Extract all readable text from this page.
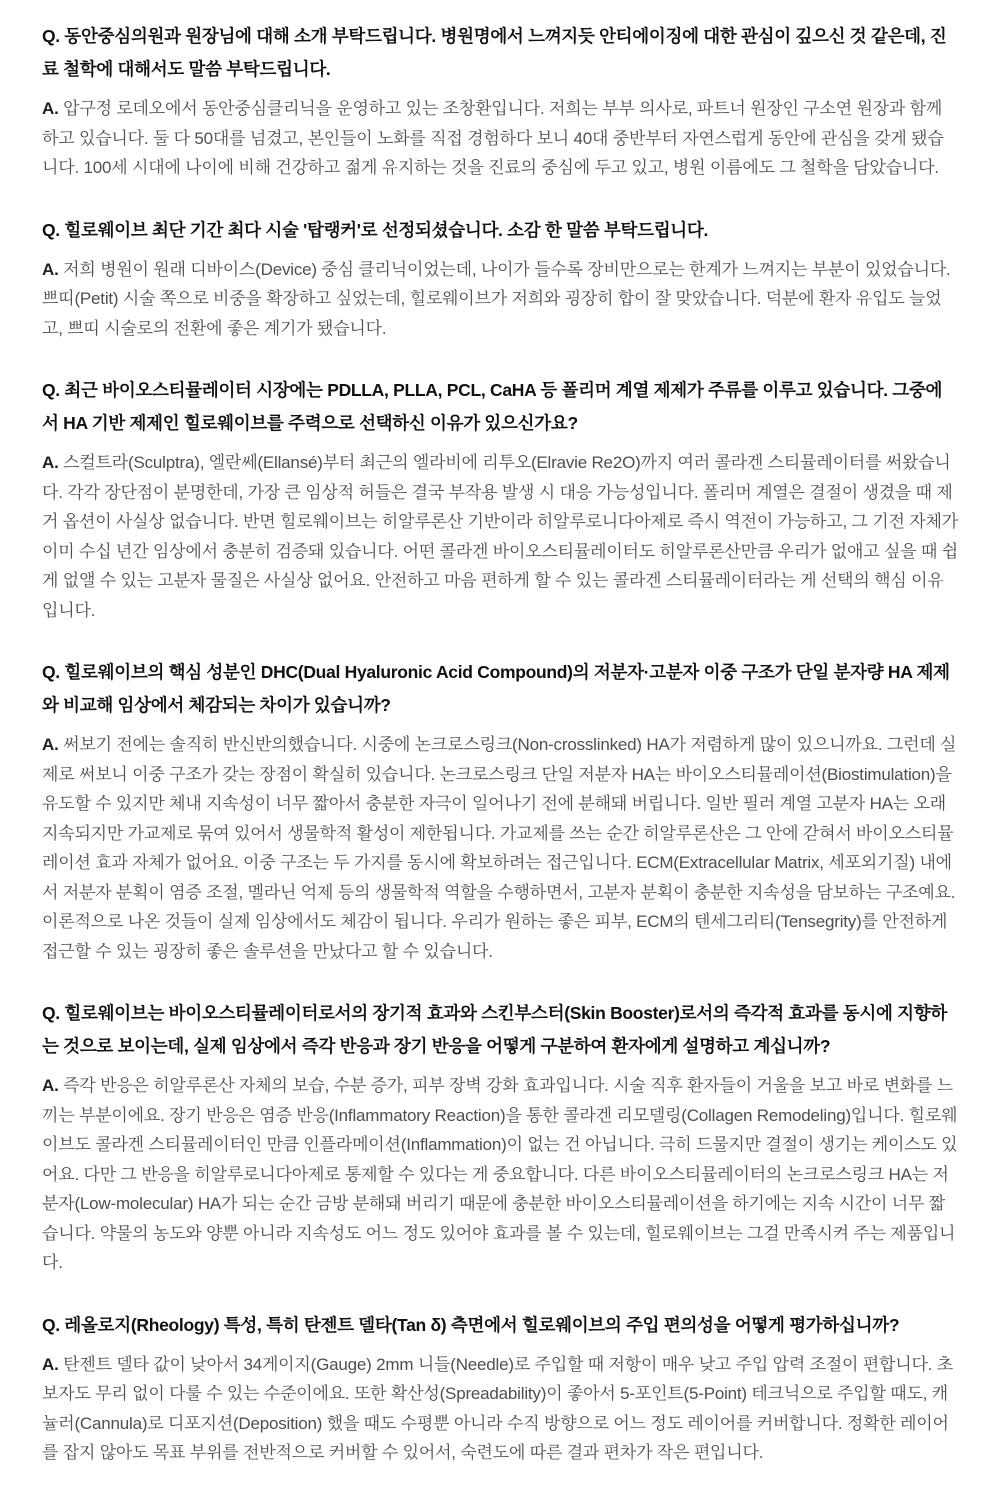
Q. 동안중심의원과 원장님에 대해 소개 부탁드립니다. 병원명에서 느껴지듯 안티에이징에 대한 관심이 깊으신 것 같은데, 진료 철학에 대해서도 말씀 부탁드립니다.

A. 압구정 로데오에서 동안중심클리닉을 운영하고 있는 조창환입니다. 저희는 부부 의사로, 파트너 원장인 구소연 원장과 함께하고 있습니다. 둘 다 50대를 넘겼고, 본인들이 노화를 직접 경험하다 보니 40대 중반부터 자연스럽게 동안에 관심을 갖게 됐습니다. 100세 시대에 나이에 비해 건강하고 젊게 유지하는 것을 진료의 중심에 두고 있고, 병원 이름에도 그 철학을 담았습니다.

Q. 힐로웨이브 최단 기간 최다 시술 '탑랭커'로 선정되셨습니다. 소감 한 말씀 부탁드립니다.

A. 저희 병원이 원래 디바이스(Device) 중심 클리닉이었는데, 나이가 들수록 장비만으로는 한계가 느껴지는 부분이 있었습니다. 쁘띠(Petit) 시술 쪽으로 비중을 확장하고 싶었는데, 힐로웨이브가 저희와 굉장히 합이 잘 맞았습니다. 덕분에 환자 유입도 늘었고, 쁘띠 시술로의 전환에 좋은 계기가 됐습니다.

Q. 최근 바이오스티뮬레이터 시장에는 PDLLA, PLLA, PCL, CaHA 등 폴리머 계열 제제가 주류를 이루고 있습니다. 그중에서 HA 기반 제제인 힐로웨이브를 주력으로 선택하신 이유가 있으신가요?

A. 스컬트라(Sculptra), 엘란쎄(Ellansé)부터 최근의 엘라비에 리투오(Elravie Re2O)까지 여러 콜라겐 스티뮬레이터를 써왔습니다. 각각 장단점이 분명한데, 가장 큰 임상적 허들은 결국 부작용 발생 시 대응 가능성입니다. 폴리머 계열은 결절이 생겼을 때 제거 옵션이 사실상 없습니다. 반면 힐로웨이브는 히알루론산 기반이라 히알루로니다아제로 즉시 역전이 가능하고, 그 기전 자체가 이미 수십 년간 임상에서 충분히 검증돼 있습니다. 어떤 콜라겐 바이오스티뮬레이터도 히알루론산만큼 우리가 없애고 싶을 때 쉽게 없앨 수 있는 고분자 물질은 사실상 없어요. 안전하고 마음 편하게 할 수 있는 콜라겐 스티뮬레이터라는 게 선택의 핵심 이유입니다.

Q. 힐로웨이브의 핵심 성분인 DHC(Dual Hyaluronic Acid Compound)의 저분자·고분자 이중 구조가 단일 분자량 HA 제제와 비교해 임상에서 체감되는 차이가 있습니까?

A. 써보기 전에는 솔직히 반신반의했습니다. 시중에 논크로스링크(Non-crosslinked) HA가 저렴하게 많이 있으니까요. 그런데 실제로 써보니 이중 구조가 갖는 장점이 확실히 있습니다. 논크로스링크 단일 저분자 HA는 바이오스티뮬레이션(Biostimulation)을 유도할 수 있지만 체내 지속성이 너무 짧아서 충분한 자극이 일어나기 전에 분해돼 버립니다. 일반 필러 계열 고분자 HA는 오래 지속되지만 가교제로 묶여 있어서 생물학적 활성이 제한됩니다. 가교제를 쓰는 순간 히알루론산은 그 안에 갇혀서 바이오스티뮬레이션 효과 자체가 없어요. 이중 구조는 두 가지를 동시에 확보하려는 접근입니다. ECM(Extracellular Matrix, 세포외기질) 내에서 저분자 분획이 염증 조절, 멜라닌 억제 등의 생물학적 역할을 수행하면서, 고분자 분획이 충분한 지속성을 담보하는 구조예요. 이론적으로 나온 것들이 실제 임상에서도 체감이 됩니다. 우리가 원하는 좋은 피부, ECM의 텐세그리티(Tensegrity)를 안전하게 접근할 수 있는 굉장히 좋은 솔루션을 만났다고 할 수 있습니다.

Q. 힐로웨이브는 바이오스티뮬레이터로서의 장기적 효과와 스킨부스터(Skin Booster)로서의 즉각적 효과를 동시에 지향하는 것으로 보이는데, 실제 임상에서 즉각 반응과 장기 반응을 어떻게 구분하여 환자에게 설명하고 계십니까?

A. 즉각 반응은 히알루론산 자체의 보습, 수분 증가, 피부 장벽 강화 효과입니다. 시술 직후 환자들이 거울을 보고 바로 변화를 느끼는 부분이에요. 장기 반응은 염증 반응(Inflammatory Reaction)을 통한 콜라겐 리모델링(Collagen Remodeling)입니다. 힐로웨이브도 콜라겐 스티뮬레이터인 만큼 인플라메이션(Inflammation)이 없는 건 아닙니다. 극히 드물지만 결절이 생기는 케이스도 있어요. 다만 그 반응을 히알루로니다아제로 통제할 수 있다는 게 중요합니다. 다른 바이오스티뮬레이터의 논크로스링크 HA는 저분자(Low-molecular) HA가 되는 순간 금방 분해돼 버리기 때문에 충분한 바이오스티뮬레이션을 하기에는 지속 시간이 너무 짧습니다. 약물의 농도와 양뿐 아니라 지속성도 어느 정도 있어야 효과를 볼 수 있는데, 힐로웨이브는 그걸 만족시켜 주는 제품입니다.

Q. 레올로지(Rheology) 특성, 특히 탄젠트 델타(Tan δ) 측면에서 힐로웨이브의 주입 편의성을 어떻게 평가하십니까?

A. 탄젠트 델타 값이 낮아서 34게이지(Gauge) 2mm 니들(Needle)로 주입할 때 저항이 매우 낮고 주입 압력 조절이 편합니다. 초보자도 무리 없이 다룰 수 있는 수준이에요. 또한 확산성(Spreadability)이 좋아서 5-포인트(5-Point) 테크닉으로 주입할 때도, 캐뉼러(Cannula)로 디포지션(Deposition) 했을 때도 수평뿐 아니라 수직 방향으로 어느 정도 레이어를 커버합니다. 정확한 레이어를 잡지 않아도 목표 부위를 전반적으로 커버할 수 있어서, 숙련도에 따른 결과 편차가 작은 편입니다.
